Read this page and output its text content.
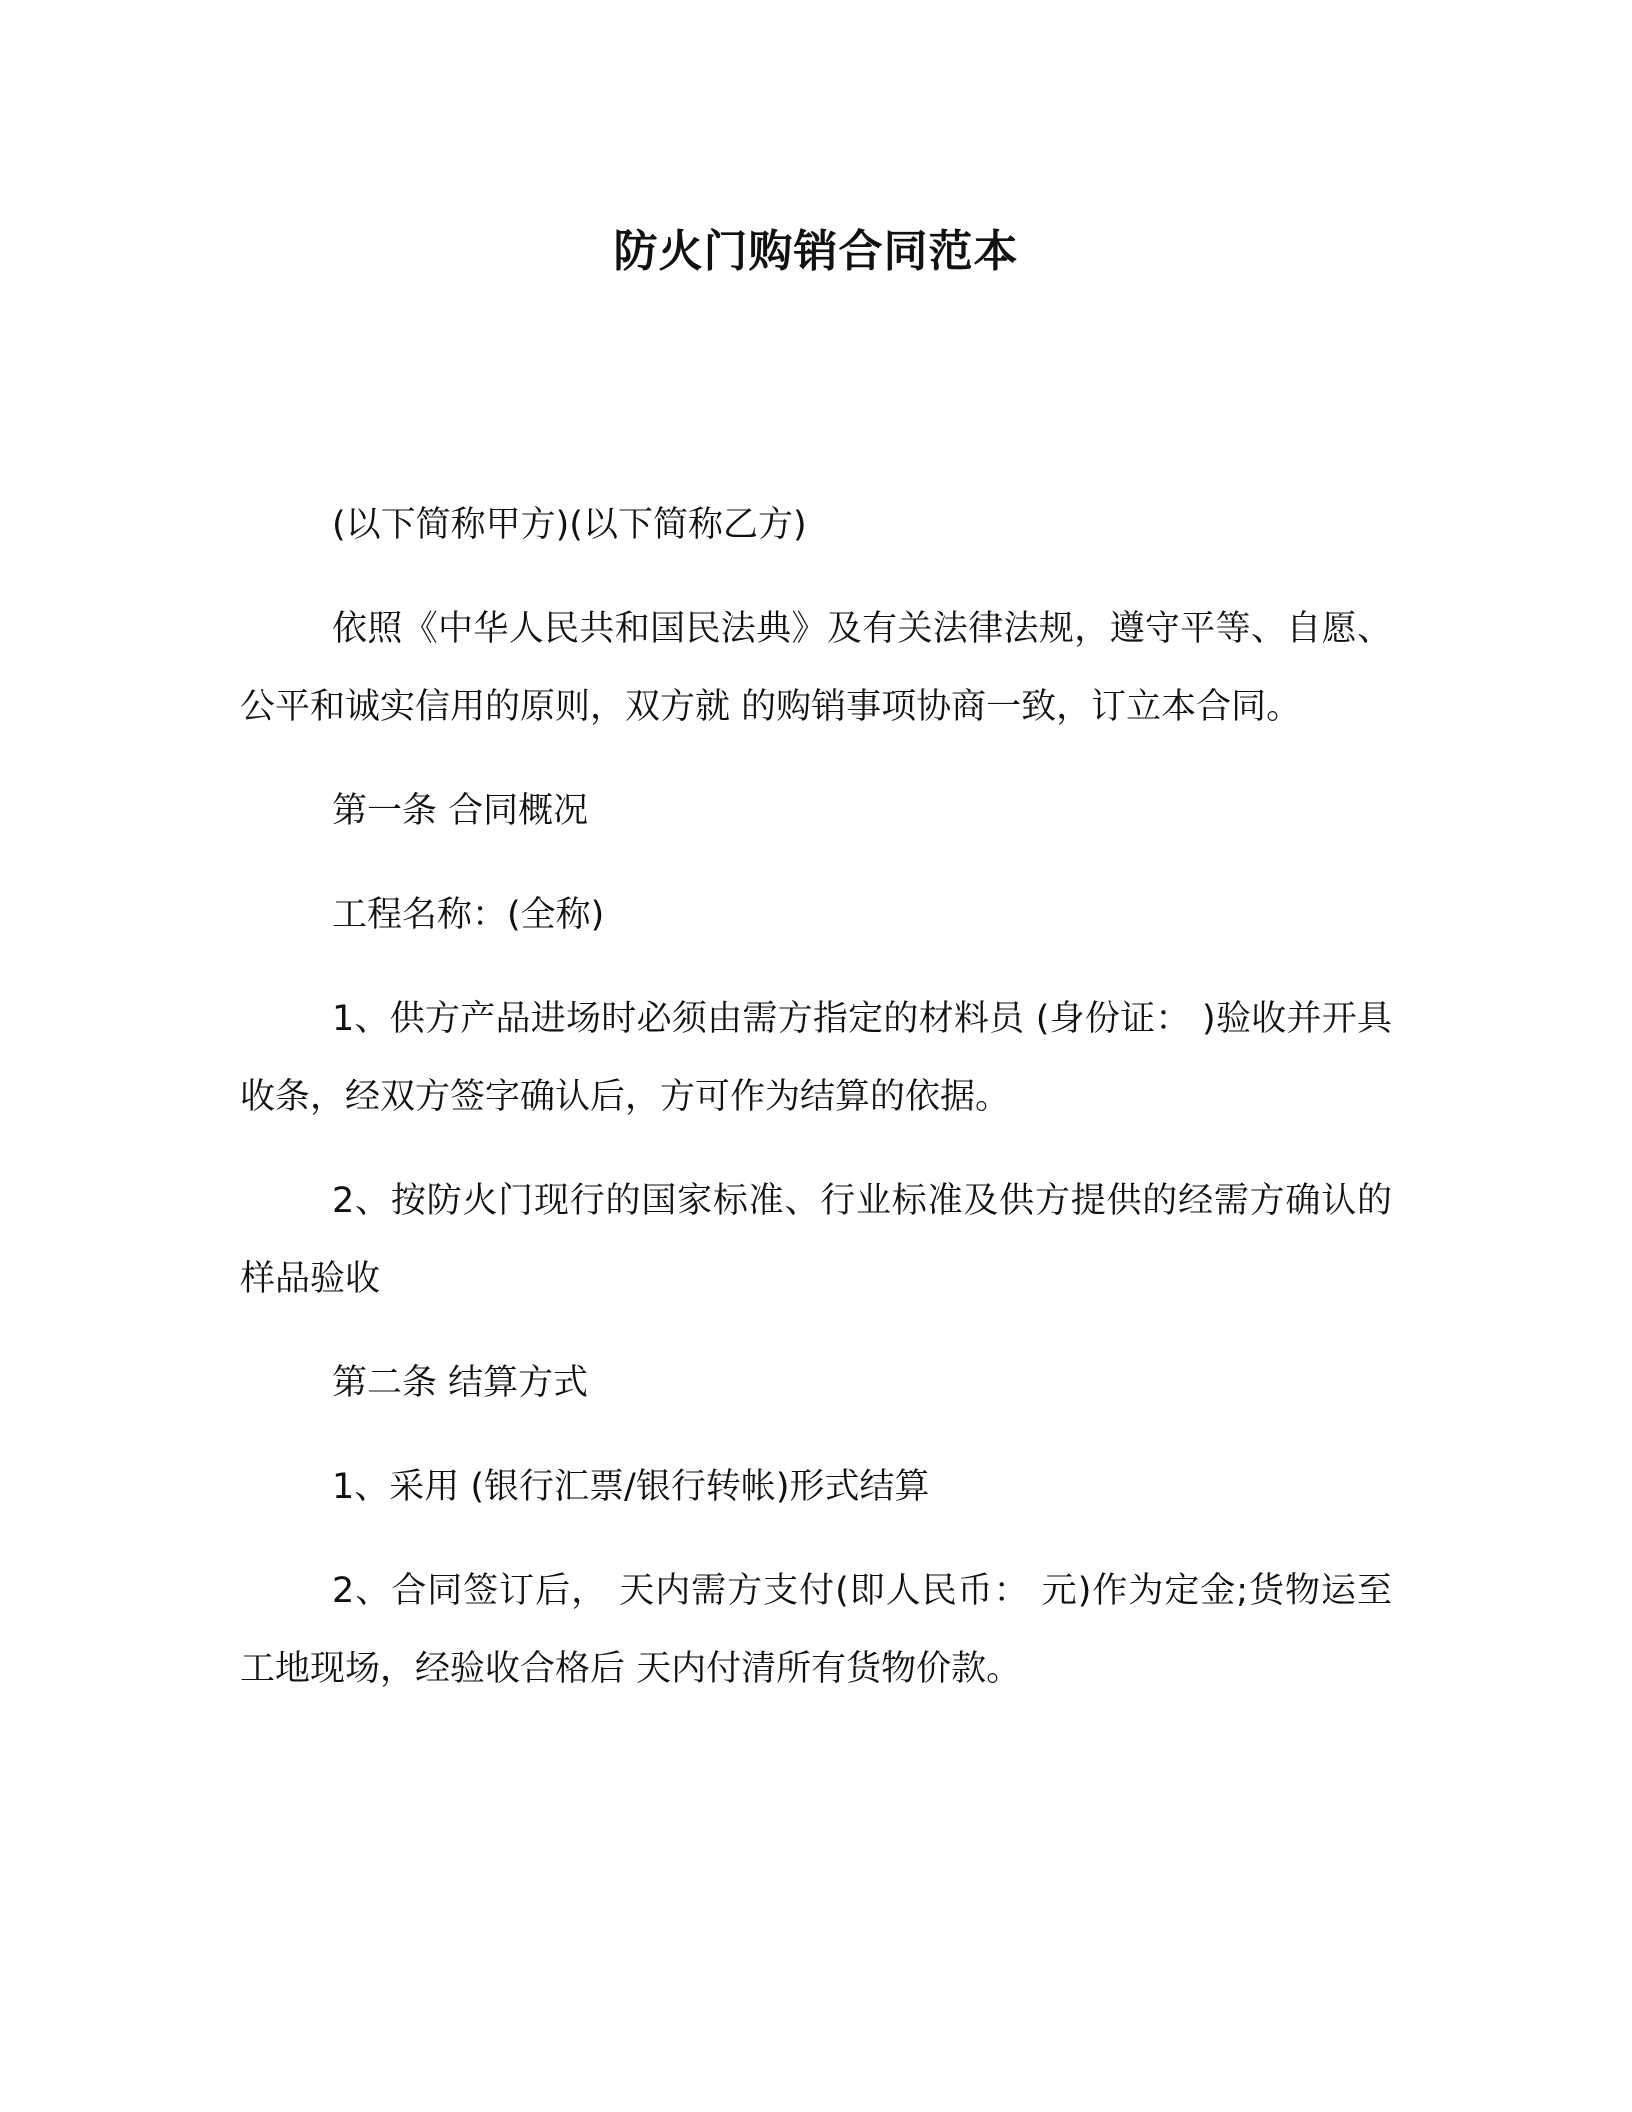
防火门购销合同范本

(以下简称甲方)(以下简称乙方)

依照《中华人民共和国民法典》及有关法律法规，遵守平等、自愿、公平和诚实信用的原则，双方就 的购销事项协商一致，订立本合同。

第一条 合同概况

工程名称：(全称)

1、供方产品进场时必须由需方指定的材料员 (身份证： )验收并开具收条，经双方签字确认后，方可作为结算的依据。

2、按防火门现行的国家标准、行业标准及供方提供的经需方确认的样品验收

第二条 结算方式

1、采用 (银行汇票/银行转帐)形式结算

2、合同签订后， 天内需方支付(即人民币： 元)作为定金;货物运至工地现场，经验收合格后 天内付清所有货物价款。
